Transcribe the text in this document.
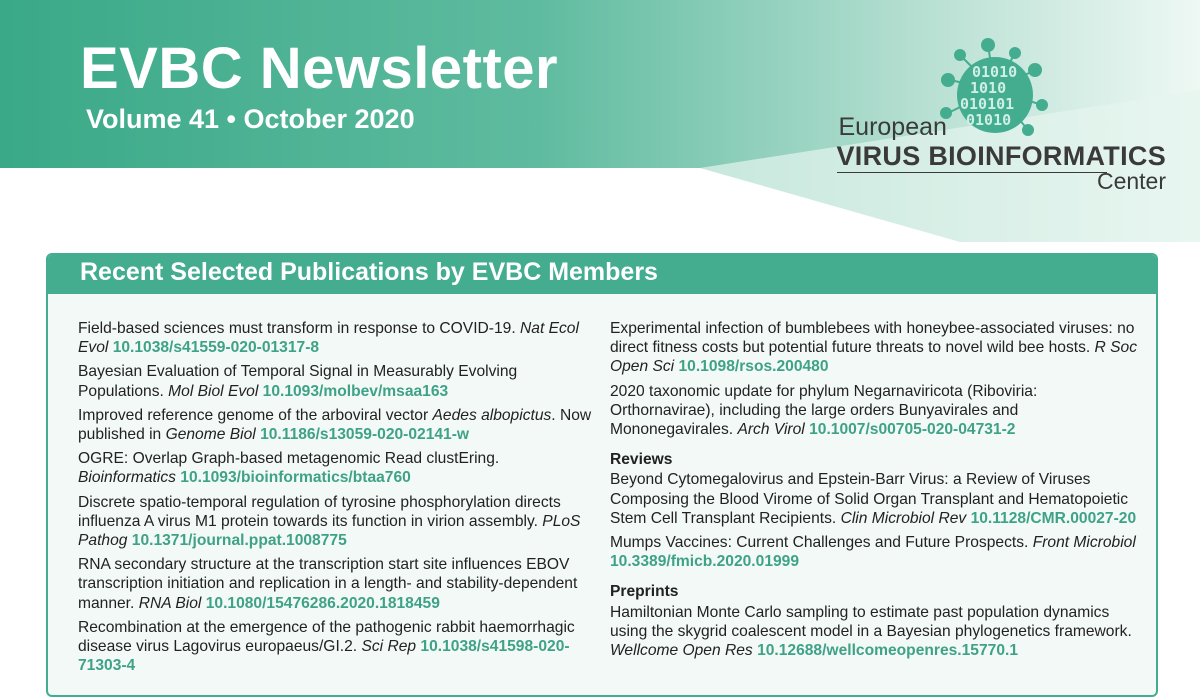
EVBC Newsletter
Volume 41 • October 2020
01010
1010
010101
01010
European
VIRUS BIOINFORMATICS
Center
Recent Selected Publications by EVBC Members
Field-based sciences must transform in response to COVID-19. Nat Ecol Evol 10.1038/s41559-020-01317-8
Bayesian Evaluation of Temporal Signal in Measurably Evolving Populations. Mol Biol Evol 10.1093/molbev/msaa163
Improved reference genome of the arboviral vector Aedes albopictus. Now published in Genome Biol 10.1186/s13059-020-02141-w
OGRE: Overlap Graph-based metagenomic Read clustEring. Bioinformatics 10.1093/bioinformatics/btaa760
Discrete spatio-temporal regulation of tyrosine phosphorylation directs influenza A virus M1 protein towards its function in virion assembly. PLoS Pathog 10.1371/journal.ppat.1008775
RNA secondary structure at the transcription start site influences EBOV transcription initiation and replication in a length- and stability-dependent manner. RNA Biol 10.1080/15476286.2020.1818459
Recombination at the emergence of the pathogenic rabbit haemorrhagic disease virus Lagovirus europaeus/GI.2. Sci Rep 10.1038/s41598-020-71303-4
Experimental infection of bumblebees with honeybee-associated viruses: no direct fitness costs but potential future threats to novel wild bee hosts. R Soc Open Sci 10.1098/rsos.200480
2020 taxonomic update for phylum Negarnaviricota (Riboviria: Orthornavirae), including the large orders Bunyavirales and Mononegavirales. Arch Virol 10.1007/s00705-020-04731-2
Reviews
Beyond Cytomegalovirus and Epstein-Barr Virus: a Review of Viruses Composing the Blood Virome of Solid Organ Transplant and Hematopoietic Stem Cell Transplant Recipients. Clin Microbiol Rev 10.1128/CMR.00027-20
Mumps Vaccines: Current Challenges and Future Prospects. Front Microbiol 10.3389/fmicb.2020.01999
Preprints
Hamiltonian Monte Carlo sampling to estimate past population dynamics using the skygrid coalescent model in a Bayesian phylogenetics framework. Wellcome Open Res 10.12688/wellcomeopenres.15770.1
